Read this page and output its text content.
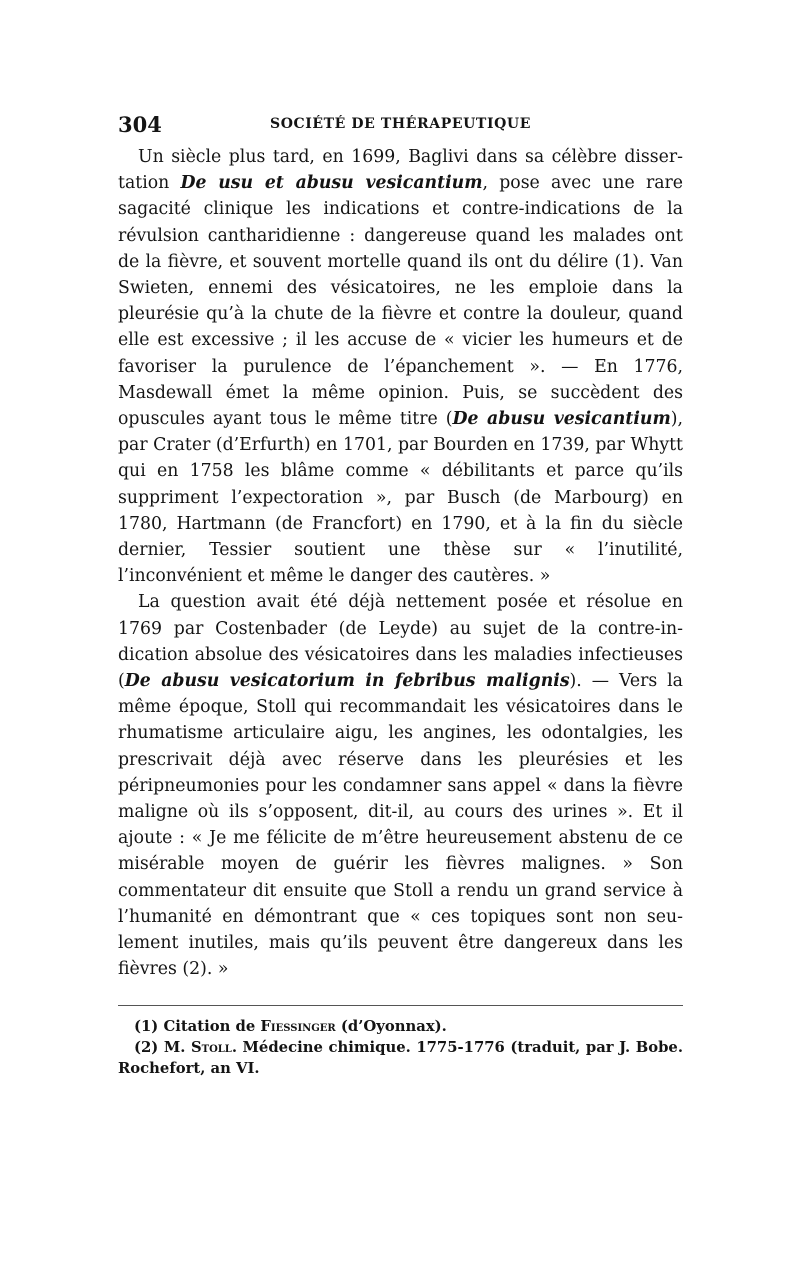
304	SOCIÉTÉ DE THÉRAPEUTIQUE

Un siècle plus tard, en 1699, Baglivi dans sa célèbre dissertation De usu et abusu vesicantium, pose avec une rare sagacité clinique les indications et contre-indications de la révulsion cantharidienne : dangereuse quand les malades ont de la fièvre, et souvent mortelle quand ils ont du délire (1). Van Swieten, ennemi des vésicatoires, ne les emploie dans la pleurésie qu’à la chute de la fièvre et contre la douleur, quand elle est excessive ; il les accuse de « vicier les humeurs et de favoriser la purulence de l’épanchement ». — En 1776, Masdewall émet la même opinion. Puis, se succèdent des opuscules ayant tous le même titre (De abusu vesicantium), par Crater (d’Erfurth) en 1701, par Bourden en 1739, par Whytt qui en 1758 les blâme comme « débilitants et parce qu’ils suppriment l’expectoration », par Busch (de Marbourg) en 1780, Hartmann (de Francfort) en 1790, et à la fin du siècle dernier, Tessier soutient une thèse sur « l’inutilité, l’inconvénient et même le danger des cautères. »

La question avait été déjà nettement posée et résolue en 1769 par Costenbader (de Leyde) au sujet de la contre-indication absolue des vésicatoires dans les maladies infectieuses (De abusu vesicatorium in febribus malignis). — Vers la même époque, Stoll qui recommandait les vésicatoires dans le rhumatisme articulaire aigu, les angines, les odontalgies, les prescrivait déjà avec réserve dans les pleurésies et les péripneumonies pour les condamner sans appel « dans la fièvre maligne où ils s’opposent, dit-il, au cours des urines ». Et il ajoute : « Je me félicite de m’être heureusement abstenu de ce misérable moyen de guérir les fièvres malignes. » Son commentateur dit ensuite que Stoll a rendu un grand service à l’humanité en démontrant que « ces topiques sont non seulement inutiles, mais qu’ils peuvent être dangereux dans les fièvres (2). »

(1) Citation de Fiessinger (d’Oyonnax).

(2) M. Stoll. Médecine chimique. 1775-1776 (traduit, par J. Bobe. Rochefort, an VI.
